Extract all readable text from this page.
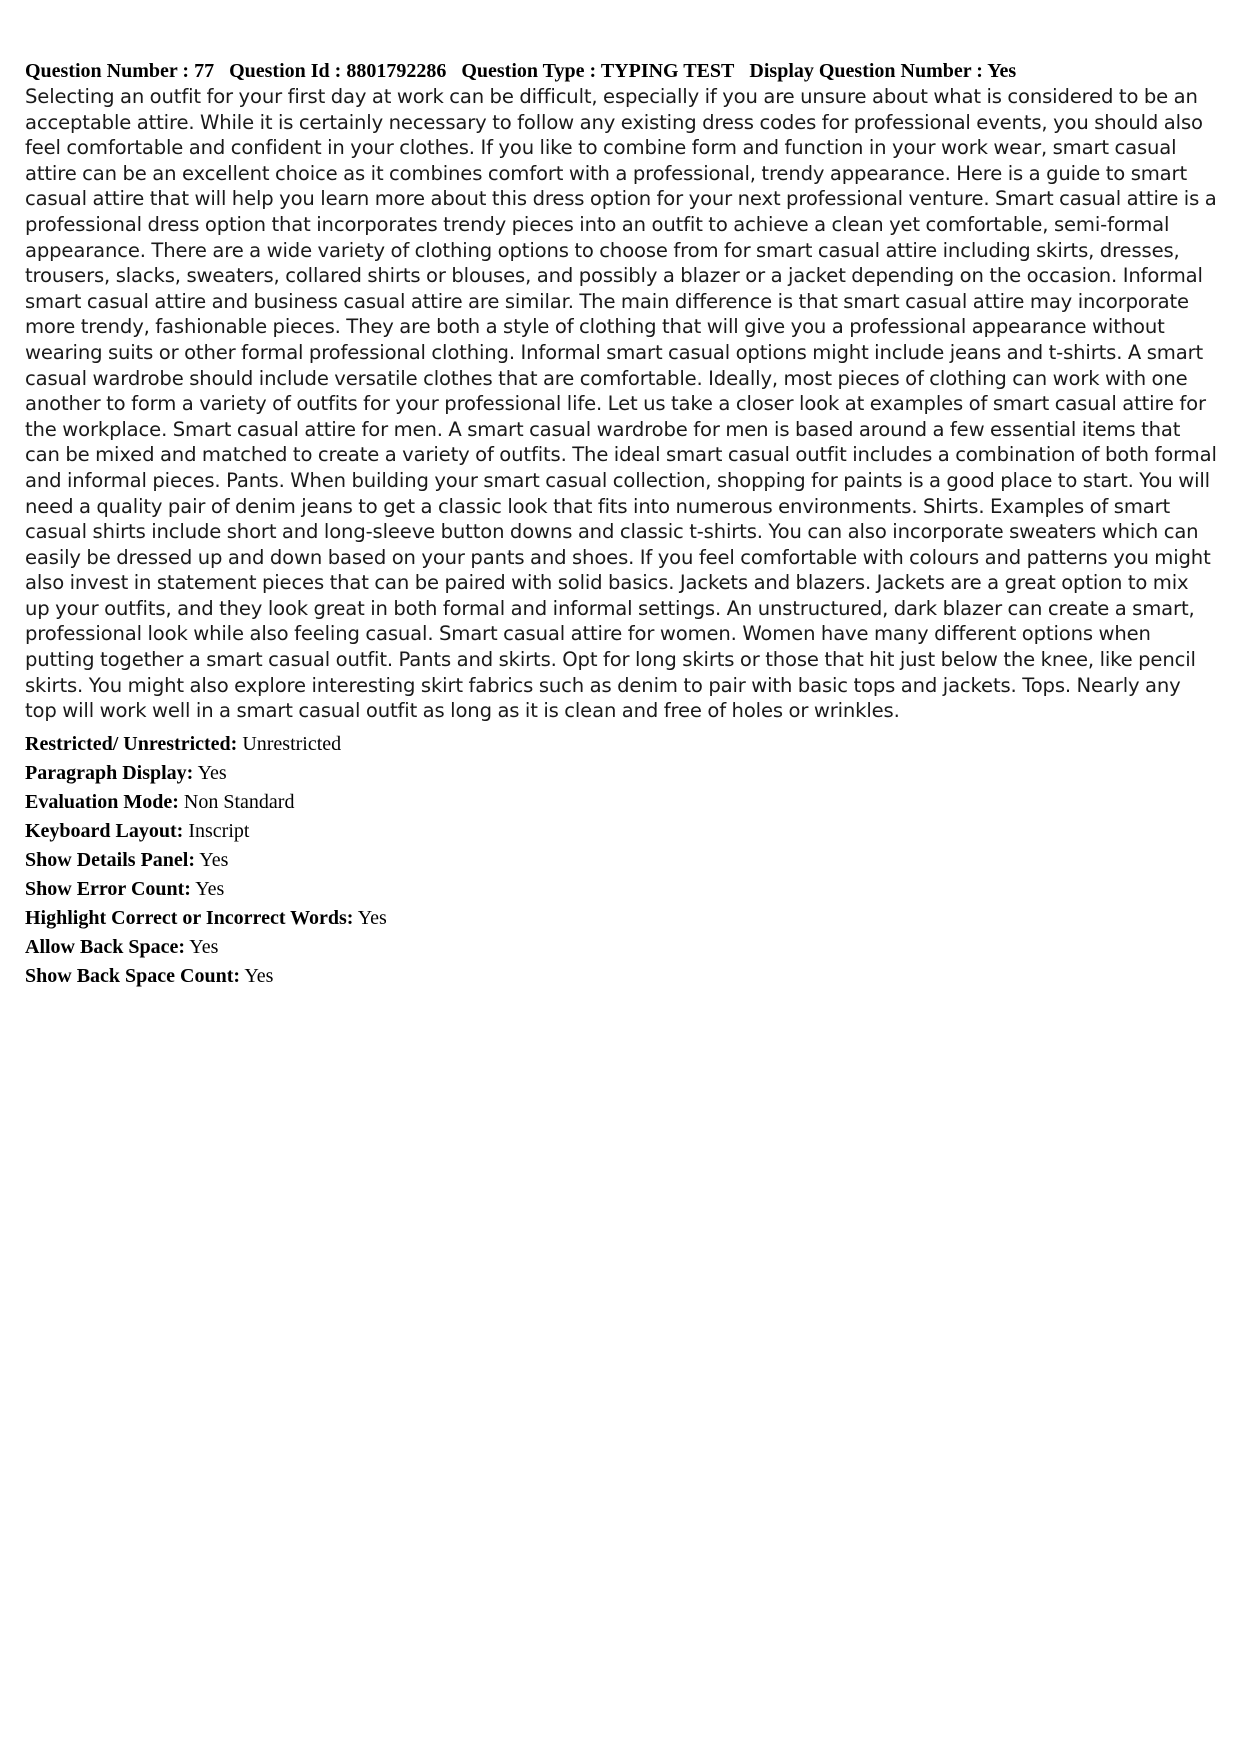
Question Number : 77 Question Id : 8801792286 Question Type : TYPING TEST Display Question Number : Yes
Selecting an outfit for your first day at work can be difficult, especially if you are unsure about what is considered to be an acceptable attire. While it is certainly necessary to follow any existing dress codes for professional events, you should also feel comfortable and confident in your clothes. If you like to combine form and function in your work wear, smart casual attire can be an excellent choice as it combines comfort with a professional, trendy appearance. Here is a guide to smart casual attire that will help you learn more about this dress option for your next professional venture. Smart casual attire is a professional dress option that incorporates trendy pieces into an outfit to achieve a clean yet comfortable, semi-formal appearance. There are a wide variety of clothing options to choose from for smart casual attire including skirts, dresses, trousers, slacks, sweaters, collared shirts or blouses, and possibly a blazer or a jacket depending on the occasion. Informal smart casual attire and business casual attire are similar. The main difference is that smart casual attire may incorporate more trendy, fashionable pieces. They are both a style of clothing that will give you a professional appearance without wearing suits or other formal professional clothing. Informal smart casual options might include jeans and t-shirts. A smart casual wardrobe should include versatile clothes that are comfortable. Ideally, most pieces of clothing can work with one another to form a variety of outfits for your professional life. Let us take a closer look at examples of smart casual attire for the workplace. Smart casual attire for men. A smart casual wardrobe for men is based around a few essential items that can be mixed and matched to create a variety of outfits. The ideal smart casual outfit includes a combination of both formal and informal pieces. Pants. When building your smart casual collection, shopping for paints is a good place to start. You will need a quality pair of denim jeans to get a classic look that fits into numerous environments. Shirts. Examples of smart casual shirts include short and long-sleeve button downs and classic t-shirts. You can also incorporate sweaters which can easily be dressed up and down based on your pants and shoes. If you feel comfortable with colours and patterns you might also invest in statement pieces that can be paired with solid basics. Jackets and blazers. Jackets are a great option to mix up your outfits, and they look great in both formal and informal settings. An unstructured, dark blazer can create a smart, professional look while also feeling casual. Smart casual attire for women. Women have many different options when putting together a smart casual outfit. Pants and skirts. Opt for long skirts or those that hit just below the knee, like pencil skirts. You might also explore interesting skirt fabrics such as denim to pair with basic tops and jackets. Tops. Nearly any top will work well in a smart casual outfit as long as it is clean and free of holes or wrinkles.
Restricted/ Unrestricted: Unrestricted
Paragraph Display: Yes
Evaluation Mode: Non Standard
Keyboard Layout: Inscript
Show Details Panel: Yes
Show Error Count: Yes
Highlight Correct or Incorrect Words: Yes
Allow Back Space: Yes
Show Back Space Count: Yes
